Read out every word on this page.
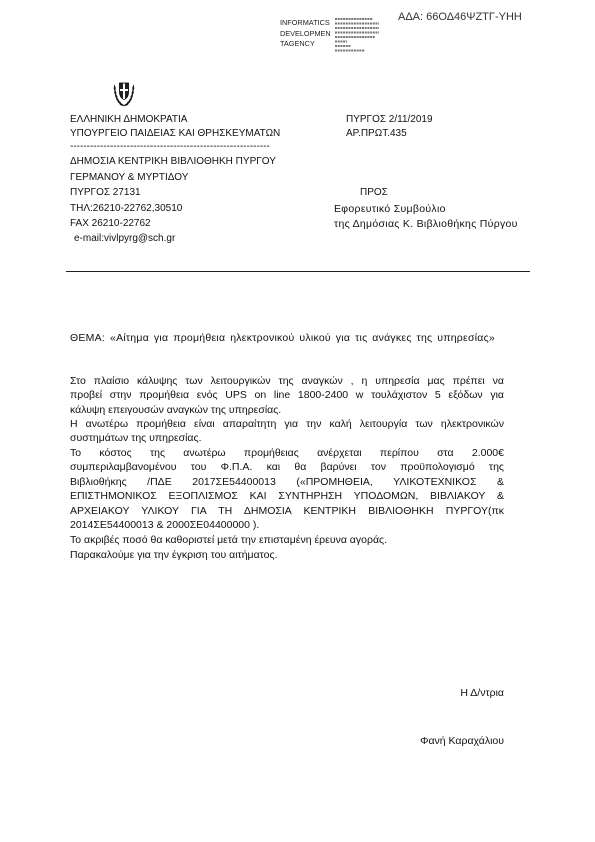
ΑΔΑ: 66ΟΔ46ΨΖΤΓ-ΥΗΗ
INFORMATICS
DEVELOPMEN
TAGENCY
ΕΛΛΗΝΙΚΗ ΔΗΜΟΚΡΑΤΙΑ
ΥΠΟΥΡΓΕΙΟ ΠΑΙΔΕΙΑΣ ΚΑΙ ΘΡΗΣΚΕΥΜΑΤΩΝ
------------------------------------------------------------
ΔΗΜΟΣΙΑ ΚΕΝΤΡΙΚΗ ΒΙΒΛΙΟΘΗΚΗ ΠΥΡΓΟΥ
ΓΕΡΜΑΝΟΥ & ΜΥΡΤΙΔΟΥ
ΠΥΡΓΟΣ 27131
ΤΗΛ:26210-22762,30510
FAX 26210-22762
e-mail:vivlpyrg@sch.gr
ΠΥΡΓΟΣ 2/11/2019
ΑΡ.ΠΡΩΤ.435
ΠΡΟΣ
Εφορευτικό Συμβούλιο
της Δημόσιας Κ. Βιβλιοθήκης Πύργου
ΘΕΜΑ: «Αίτημα για προμήθεια ηλεκτρονικού υλικού για τις ανάγκες της υπηρεσίας»
Στο πλαίσιο κάλυψης των λειτουργικών της αναγκών , η υπηρεσία μας πρέπει να
προβεί στην προμήθεια ενός UPS on line 1800-2400 w τουλάχιστον 5 εξόδων για
κάλυψη επειγουσών αναγκών της υπηρεσίας.
Η ανωτέρω προμήθεια είναι απαραίτητη για την καλή λειτουργία των ηλεκτρονικών
συστημάτων της υπηρεσίας.
Το κόστος της ανωτέρω προμήθειας ανέρχεται περίπου στα 2.000€
συμπεριλαμβανομένου του Φ.Π.Α. και θα βαρύνει τον προϋπολογισμό της
Βιβλιοθήκης /ΠΔΕ 2017ΣΕ54400013 («ΠΡΟΜΗΘΕΙΑ, ΥΛΙΚΟΤΕΧΝΙΚΟΣ &
ΕΠΙΣΤΗΜΟΝΙΚΟΣ ΕΞΟΠΛΙΣΜΟΣ ΚΑΙ ΣΥΝΤΗΡΗΣΗ ΥΠΟΔΟΜΩΝ, ΒΙΒΛΙΑΚΟΥ &
ΑΡΧΕΙΑΚΟΥ ΥΛΙΚΟΥ ΓΙΑ ΤΗ ΔΗΜΟΣΙΑ ΚΕΝΤΡΙΚΗ ΒΙΒΛΙΟΘΗΚΗ ΠΥΡΓΟΥ(πκ
2014ΣΕ54400013 & 2000ΣΕ04400000 ).
Το ακριβές ποσό θα καθοριστεί μετά την επισταμένη έρευνα αγοράς.
Παρακαλούμε για την έγκριση του αιτήματος.
Η Δ/ντρια
Φανή Καραχάλιου
